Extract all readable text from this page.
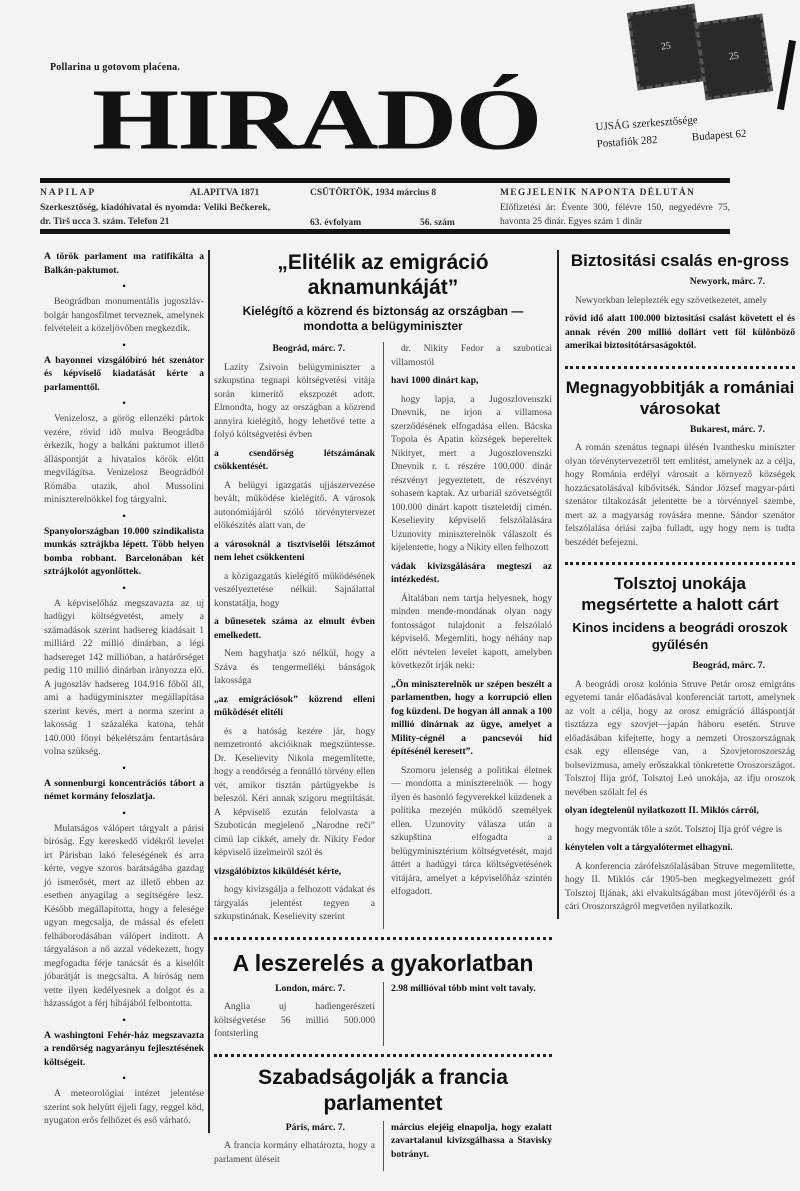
Pollarina u gotovom plaćena.
HIRADÓ	UJSÁG szerkesztősége
Postafiók 282	Budapest 62
25
25
NAPILAP	ALAPITVA 1871	CSÜTÖRTÖK, 1934 március 8	MEGJELENIK NAPONTA DÉLUTÁN
Szerkesztőség, kiadóhivatal és nyomda: Veliki Bečkerek, dr. Tirš ucca 3. szám. Telefon 21	63. évfolyam	56. szám
Előfizetési ár: Évente 300, félévre 150, negyedévre 75, havonta 25 dinár. Egyes szám 1 dinár

A török parlament ma ratifikálta a Balkán-paktumot.

•

Beográdban monumentális jugoszláv-bolgár hangosfilmet terveznek, amelynek felvételeit a közeljövőben megkezdik.

•

A bayonnei vizsgálóbíró hét szenátor és képviselő kiadatását kérte a parlamenttől.

•

Venizelosz, a görög ellenzéki pártok vezére, rövid idő mulva Beográdba érkezik, hogy a balkáni paktumot illető álláspontját a hivatalos körök előtt megvilágítsa. Venizelosz Beográdból Rómába utazik, ahol Mussolini miniszterelnökkel fog tárgyalni.

•

Spanyolországban 10.000 szindikalista munkás sztrájkba lépett. Több helyen bomba robbant. Barcelonában két sztrájkolót agyonlőttek.

•

A képviselőház megszavazta az uj hadügyi költségvetést, amely a számadások szerint hadsereg kiadásait 1 milliárd 22 millió dinárban, a légi hadsereget 142 millióban, a határőrséget pedig 110 millió dinárban irányozza elő. A jugoszláv hadsereg 104.916 főből áll, ami a hadügyminiszter megállapítása szerint kevés, mert a norma szerint a lakosság 1 százaléka katona, tehát 140.000 főnyi békelétszám fentartására volna szükség.

•

A sonnenburgi koncentrációs tábort a német kormány feloszlatja.

•

Mulatságos válópert tárgyalt a párisi bíróság. Egy kereskedő vidékről levelet irt Párisban lakó feleségének és arra kérte, vegye szoros barátságába gazdag jó ismerősét, mert az illető ebben az esetben anyagilag a segítségére lesz. Később megállapította, hogy a felesége ugyan megcsalja, de mással és efelett felháborodásában válópert inditott. A tárgyaláson a nő azzal védekezett, hogy megfogadta férje tanácsát és a kiselőlt jóbarátját is megcsalta. A bíróság nem vette ilyen kedélyesnek a dolgot és a házasságot a férj hibájából felbontotta.

•

A washingtoni Fehér-ház megszavazta a rendőrség nagyarányu fejlesztésének költségeit.

•

A meteorológiai intézet jelentése szerint sok helyütt éjjeli fagy, reggel köd, nyugaton erős felhőzet és eső várható.

„Elitélik az emigráció aknamunkáját”
Kielégítő a közrend és biztonság az országban — mondotta a belügyminiszter

Beográd, márc. 7.

Lazity Zsivoin belügyminiszter a szkupstina tegnapi költségvetési vitája során kimerítő ekszpozét adott. Elmondta, hogy az országban a közrend annyira kielégítő, hogy lehetővé tette a folyó költségvetési évben

a csendőrség létszámának csökkentését.

A belügyi igazgatás ujjászervezése bevált, működése kielégítő. A városok autonómiájáról szóló törvénytervezet előkészítés alatt van, de

a városoknál a tisztviselői létszámot nem lehet csökkenteni

a közigazgatás kielégítő működésének veszélyeztetése nélkül. Sajnálattal konstatálja, hogy

a bűnesetek száma az elmult évben emelkedett.

Nem hagyhatja szó nélkül, hogy a Száva és tengermelléki bánságok lakossága

„az emigrációsok” közrend elleni működését elitéli

és a hatóság kezére jár, hogy nemzetrontó akcióiknak megszüntesse. Dr. Keselievity Nikola megemlítette, hogy a rendőrség a fennálló törvény ellen vét, amikor tisztán pártügyekbe is beleszól. Kéri annak szigoru megtiltását. A képviselő ezután felolvasta a Szuboticán megjelenő „Narodne reči” cimü lap cikkét, amely dr. Nikity Fedor képviselő üzelmeiről szól és

vizsgálóbiztos kiküldését kérte,

hogy kivizsgálja a felhozott vádakat és tárgyalás jelentést tegyen a szkupstinának. Keselievity szerint

dr. Nikity Fedor a szuboticai villamostól

havi 1000 dinárt kap,

hogy lapja, a Jugoszlovenszki Dnevnik, ne irjon a villamosa szerződésének elfogadása ellen. Bácska Topola és Apatin községek bepereltek Nikityet, mert a Jugoszlovenszki Dnevnik r. t. részére 100.000 dinár részvényt jegyeztetett, de részvényt sohasem kaptak. Az urbariál szövetségtől 100.000 dinárt kapott tiszteletdíj cimén. Keselievity képviselő felszólalására Uzunovity miniszterelnök válaszolt és kijelentette, hogy a Nikity ellen felhozott

vádak kivizsgálására megteszi az intézkedést.

Általában nem tartja helyesnek, hogy minden mende-mondának olyan nagy fontosságot tulajdonit a felszólaló képviselő. Megemlíti, hogy néhány nap előtt névtelen levelet kapott, amelyben következőt írják neki:

„Ön miniszterelnök ur szépen beszélt a parlamentben, hogy a korrupció ellen fog küzdeni. De hogyan áll annak a 100 millió dinárnak az ügye, amelyet a Mility-cégnél a pancsevói híd építésénél keresett”.

Szomoru jelenség a politikai életnek — mondotta a miniszterelnök — hogy ilyen és hasonló fegyverekkel küzdenek a politika mezején működő személyek ellen. Uzunovity válasza után a szkupština elfogadta a belügyminisztérium költségvetését, majd áttért a hadügyi tárca költségvetésének vitájára, amelyet a képviselőház szintén elfogadott.

A leszerelés a gyakorlatban

London, márc. 7.

Anglia uj hadiengerészeti költségvetése 56 millió 500.000 fontsterling

2.98 millióval több mint volt tavaly.

Szabadságolják a francia parlamentet

Páris, márc. 7.

A francia kormány elhatározta, hogy a parlament üléseit

március elejéig elnapolja, hogy ezalatt zavartalanul kivizsgálhassa a Stavisky botrányt.

Biztositási csalás en-gross

Newyork, márc. 7.

Newyorkban leleplezték egy szövetkezetet, amely

rövid idő alatt 100.000 biztositási csalást követett el és annak révén 200 millió dollárt vett föl különböző amerikai biztositótársaságoktól.

Megnagyobbitják a romániai városokat

Bukarest, márc. 7.

A román szenátus tegnapi ülésén Ivanthesku miniszter olyan törvénytervezetről tett emlitést, amelynek az a célja, hogy Románia erdélyi városait a környező községek hozzácsatolásával kibővitsék. Sándor József magyar-párti szenátor tiltakozását jelentette be a törvénnyel szembe, mert az a magyarság rovására menne. Sándor szenátor felszólalása óriási zajba fulladt, ugy hogy nem is tudta beszédét befejezni.

Tolsztoj unokája megsértette a halott cárt
Kinos incidens a beográdi oroszok gyűlésén

Beográd, márc. 7.

A beográdi orosz kolónia Struve Petár orosz emigráns egyetemi tanár előadásával konferenciát tartott, amelynek az volt a célja, hogy az orosz emigráció álláspontját tisztázza egy szovjet—japán háboru esetén. Struve előadásában kifejtette, hogy a nemzeti Oroszországnak csak egy ellensége van, a Szovjetoroszország bolsevizmusa, amely erőszakkal tönkretette Oroszországot. Tolsztoj Ilija gróf, Tolsztoj Leó unokája, az ifju oroszok nevében szólalt fel és

olyan idegtelenül nyilatkozott II. Miklós cárról,

hogy megvonták tőle a szót. Tolsztoj Ilja gróf végre is

kénytelen volt a tárgyalótermet elhagyni.

A konferencia zárófelszólalásában Struve megemlitette, hogy II. Miklós cár 1905-ben megkegyelmezett gróf Tolsztoj Iljának, aki elvakultságában most jótevőjéről és a cári Oroszországról megvetően nyilatkozik.
